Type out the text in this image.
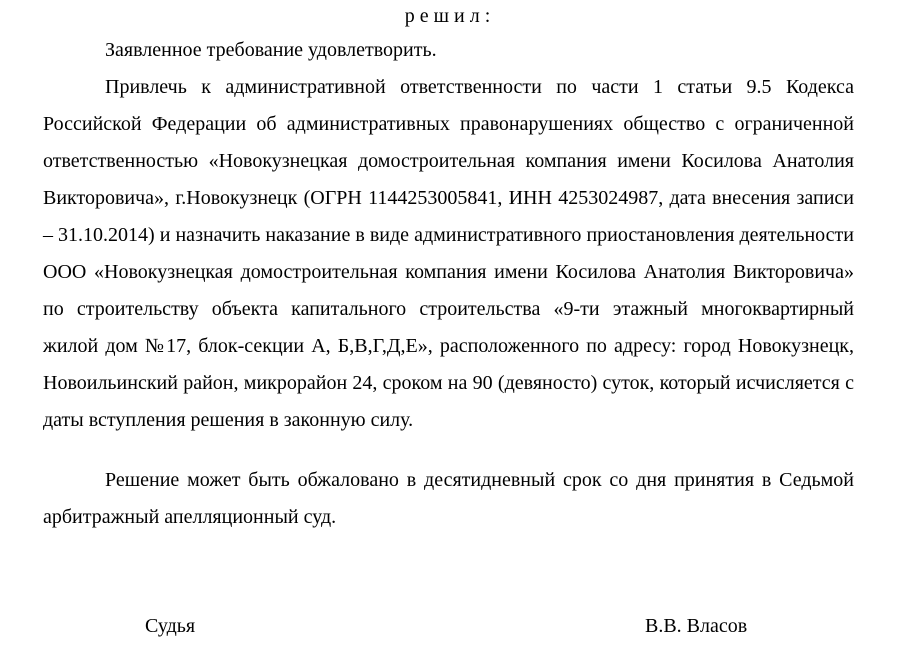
решил:

Заявленное требование удовлетворить.

Привлечь к административной ответственности по части 1 статьи 9.5 Кодекса Российской Федерации об административных правонарушениях общество с ограниченной ответственностью «Новокузнецкая домостроительная компания имени Косилова Анатолия Викторовича», г.Новокузнецк (ОГРН 1144253005841, ИНН 4253024987, дата внесения записи – 31.10.2014) и назначить наказание в виде административного приостановления деятельности ООО «Новокузнецкая домостроительная компания имени Косилова Анатолия Викторовича» по строительству объекта капитального строительства «9-ти этажный многоквартирный жилой дом №17, блок-секции А, Б,В,Г,Д,Е», расположенного по адресу: город Новокузнецк, Новоильинский район, микрорайон 24, сроком на 90 (девяносто) суток, который исчисляется с даты вступления решения в законную силу.

Решение может быть обжаловано в десятидневный срок со дня принятия в Седьмой арбитражный апелляционный суд.

Судья	В.В. Власов
